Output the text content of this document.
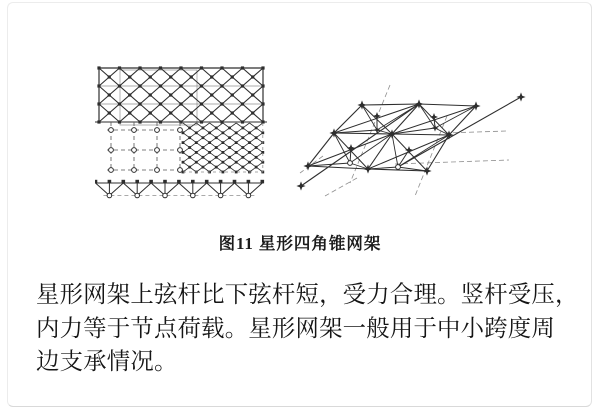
图11 星形四角锥网架
星形网架上弦杆比下弦杆短，受力合理。竖杆受压，
内力等于节点荷载。星形网架一般用于中小跨度周
边支承情况。
